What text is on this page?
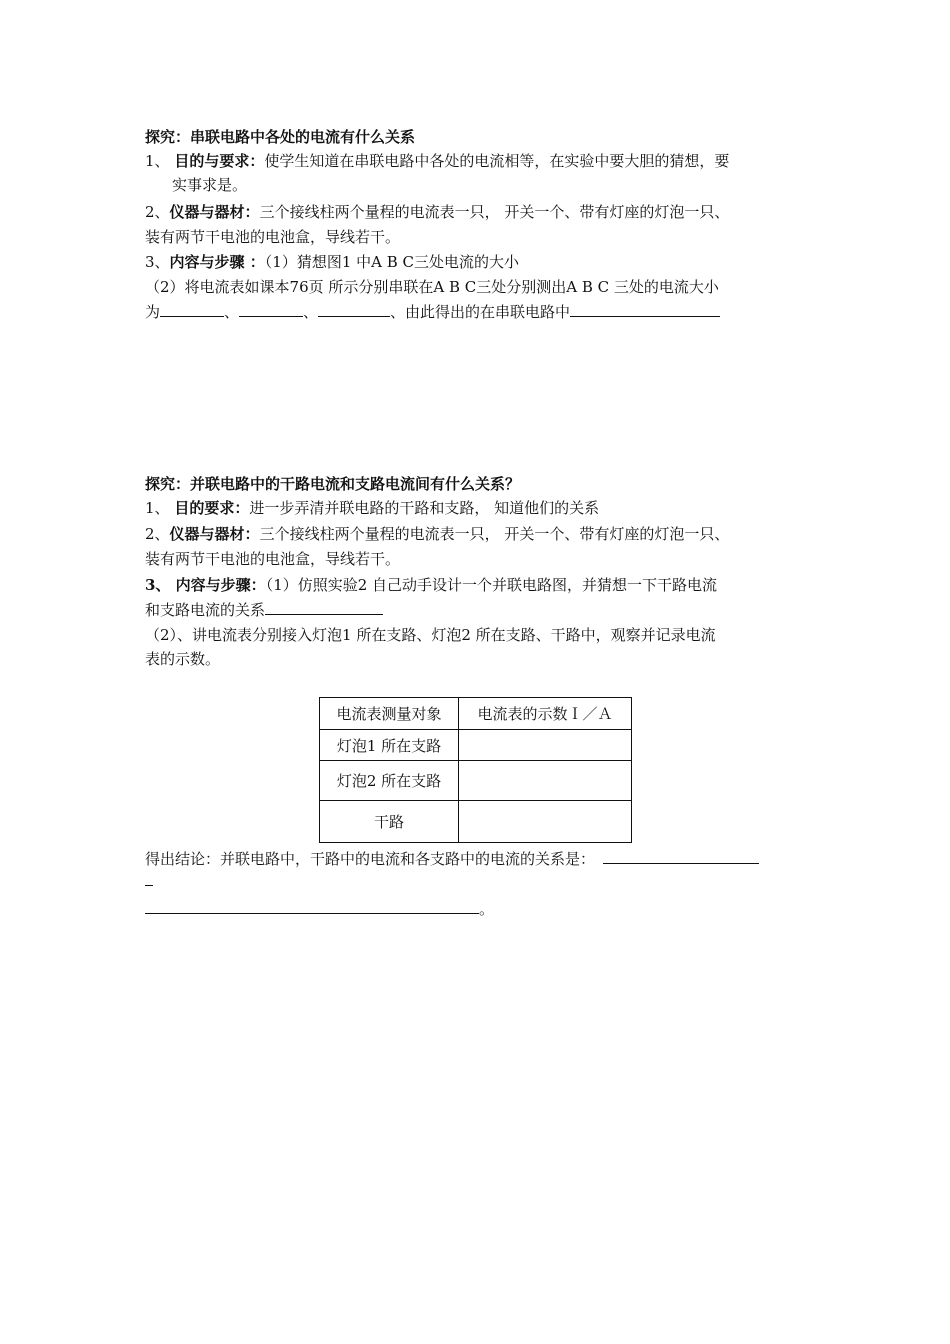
探究：串联电路中各处的电流有什么关系
1、 目的与要求：使学生知道在串联电路中各处的电流相等，在实验中要大胆的猜想，要
实事求是。
2、仪器与器材：三个接线柱两个量程的电流表一只， 开关一个、带有灯座的灯泡一只、
装有两节干电池的电池盒，导线若干。
3、内容与步骤 ：（1）猜想图1 中A B C三处电流的大小
（2）将电流表如课本76页 所示分别串联在A B C三处分别测出A B C 三处的电流大小
为	、	、	、由此得出的在串联电路中
探究：并联电路中的干路电流和支路电流间有什么关系？
1、 目的要求：进一步弄清并联电路的干路和支路， 知道他们的关系
2、仪器与器材：三个接线柱两个量程的电流表一只， 开关一个、带有灯座的灯泡一只、
装有两节干电池的电池盒，导线若干。
3、 内容与步骤：（1）仿照实验2 自己动手设计一个并联电路图，并猜想一下干路电流
和支路电流的关系
（2）、讲电流表分别接入灯泡1 所在支路、灯泡2 所在支路、干路中，观察并记录电流
表的示数。
电流表测量对象	电流表的示数Ｉ／Ａ
灯泡1 所在支路	
灯泡2 所在支路	
干路	
得出结论：并联电路中，干路中的电流和各支路中的电流的关系是：
。
